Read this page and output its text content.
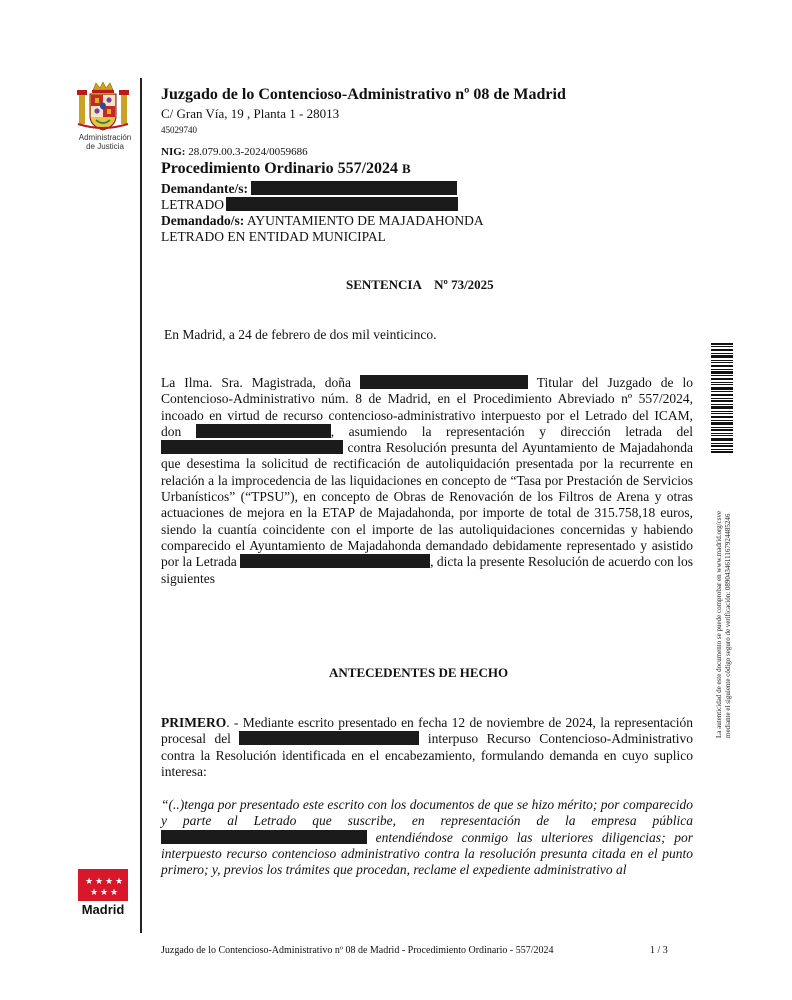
Administración
de Justicia
Juzgado de lo Contencioso-Administrativo nº 08 de Madrid
C/ Gran Vía, 19 , Planta 1 - 28013
45029740
NIG: 28.079.00.3-2024/0059686
Procedimiento Ordinario 557/2024 B
Demandante/s:
LETRADO
Demandado/s: AYUNTAMIENTO DE MAJADAHONDA
LETRADO EN ENTIDAD MUNICIPAL
SENTENCIA    Nº 73/2025
En Madrid, a 24 de febrero de dos mil veinticinco.
La Ilma. Sra. Magistrada, doña	Titular del Juzgado de lo Contencioso-Administrativo núm. 8 de Madrid, en el Procedimiento Abreviado nº 557/2024, incoado en virtud de recurso contencioso-administrativo interpuesto por el Letrado del ICAM, don	, asumiendo la representación y dirección letrada del  contra Resolución presunta del Ayuntamiento de Majadahonda que desestima la solicitud de rectificación de autoliquidación presentada por la recurrente en relación a la improcedencia de las liquidaciones en concepto de “Tasa por Prestación de Servicios Urbanísticos” (“TPSU”), en concepto de Obras de Renovación de los Filtros de Arena y otras actuaciones de mejora en la ETAP de Majadahonda, por importe de total de 315.758,18 euros, siendo la cuantía coincidente con el importe de las autoliquidaciones concernidas y habiendo comparecido el Ayuntamiento de Majadahonda demandado debidamente representado y asistido por la Letrada	, dicta la presente Resolución de acuerdo con los siguientes
ANTECEDENTES DE HECHO
PRIMERO. - Mediante escrito presentado en fecha 12 de noviembre de 2024, la representación procesal del	interpuso Recurso Contencioso-Administrativo contra la Resolución identificada en el encabezamiento, formulando demanda en cuyo suplico interesa:
“(..)tenga por presentado este escrito con los documentos de que se hizo mérito; por comparecido y parte al Letrado que suscribe, en representación de la empresa pública  entendiéndose conmigo las ulteriores diligencias; por interpuesto recurso contencioso administrativo contra la resolución presunta citada en el punto primero; y, previos los trámites que procedan, reclame el expediente administrativo al
La autenticidad de este documento se puede comprobar en www.madrid.org/csve mediante el siguiente código seguro de verificación: 0890434611167924485246
★ ★ ★ ★
★ ★ ★
Madrid
Juzgado de lo Contencioso-Administrativo nº 08 de Madrid - Procedimiento Ordinario - 557/2024	1 / 3
